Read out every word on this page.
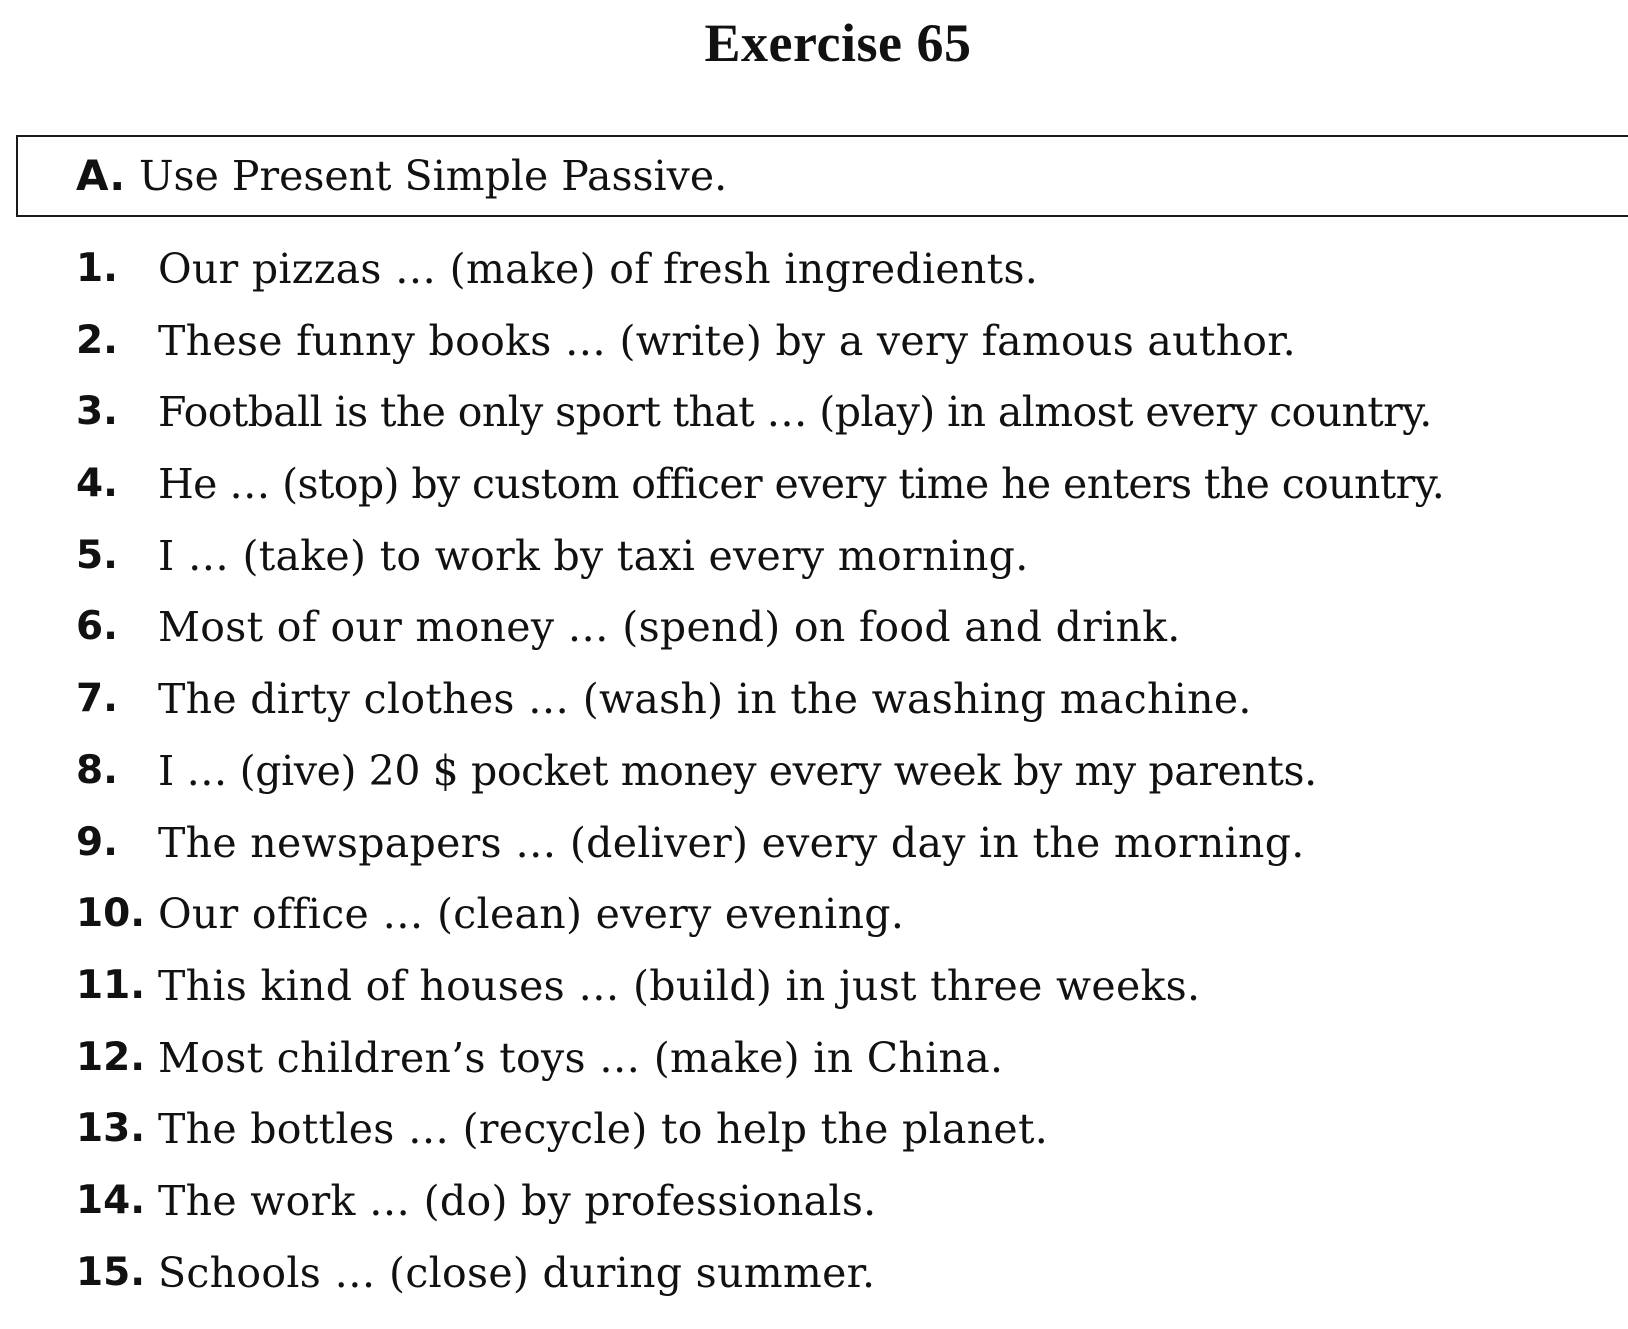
Exercise 65
A. Use Present Simple Passive.
1. Our pizzas … (make) of fresh ingredients.
2. These funny books … (write) by a very famous author.
3. Football is the only sport that … (play) in almost every country.
4. He … (stop) by custom officer every time he enters the country.
5. I … (take) to work by taxi every morning.
6. Most of our money … (spend) on food and drink.
7. The dirty clothes … (wash) in the washing machine.
8. I … (give) 20 $ pocket money every week by my parents.
9. The newspapers … (deliver) every day in the morning.
10. Our office … (clean) every evening.
11. This kind of houses … (build) in just three weeks.
12. Most children’s toys … (make) in China.
13. The bottles … (recycle) to help the planet.
14. The work … (do) by professionals.
15. Schools … (close) during summer.
